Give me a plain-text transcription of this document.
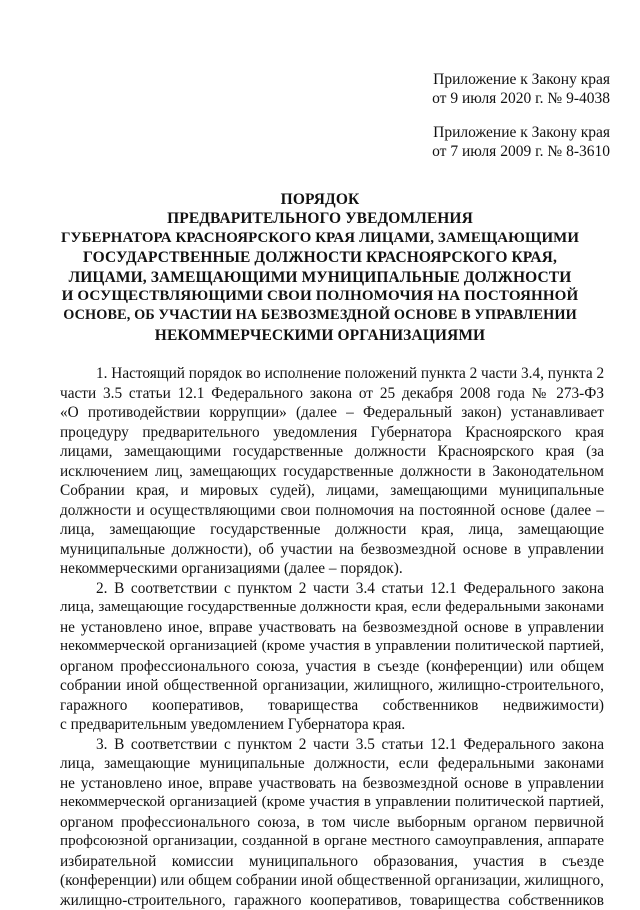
Приложение к Закону края
от 9 июля 2020 г. № 9-4038
Приложение к Закону края
от 7 июля 2009 г. № 8-3610
ПОРЯДОК
ПРЕДВАРИТЕЛЬНОГО УВЕДОМЛЕНИЯ
ГУБЕРНАТОРА КРАСНОЯРСКОГО КРАЯ ЛИЦАМИ, ЗАМЕЩАЮЩИМИ
ГОСУДАРСТВЕННЫЕ ДОЛЖНОСТИ КРАСНОЯРСКОГО КРАЯ,
ЛИЦАМИ, ЗАМЕЩАЮЩИМИ МУНИЦИПАЛЬНЫЕ ДОЛЖНОСТИ
И ОСУЩЕСТВЛЯЮЩИМИ СВОИ ПОЛНОМОЧИЯ НА ПОСТОЯННОЙ
ОСНОВЕ, ОБ УЧАСТИИ НА БЕЗВОЗМЕЗДНОЙ ОСНОВЕ В УПРАВЛЕНИИ
НЕКОММЕРЧЕСКИМИ ОРГАНИЗАЦИЯМИ
1. Настоящий порядок во исполнение положений пункта 2 части 3.4, пункта 2
части 3.5 статьи 12.1 Федерального закона от 25 декабря 2008 года № 273-ФЗ
«О противодействии коррупции» (далее – Федеральный закон) устанавливает
процедуру предварительного уведомления Губернатора Красноярского края
лицами, замещающими государственные должности Красноярского края (за
исключением лиц, замещающих государственные должности в Законодательном
Собрании края, и мировых судей), лицами, замещающими муниципальные
должности и осуществляющими свои полномочия на постоянной основе (далее –
лица, замещающие государственные должности края, лица, замещающие
муниципальные должности), об участии на безвозмездной основе в управлении
некоммерческими организациями (далее – порядок).
2. В соответствии с пунктом 2 части 3.4 статьи 12.1 Федерального закона
лица, замещающие государственные должности края, если федеральными законами
не установлено иное, вправе участвовать на безвозмездной основе в управлении
некоммерческой организацией (кроме участия в управлении политической партией,
органом профессионального союза, участия в съезде (конференции) или общем
собрании иной общественной организации, жилищного, жилищно-строительного,
гаражного кооперативов, товарищества собственников недвижимости)
с предварительным уведомлением Губернатора края.
3. В соответствии с пунктом 2 части 3.5 статьи 12.1 Федерального закона
лица, замещающие муниципальные должности, если федеральными законами
не установлено иное, вправе участвовать на безвозмездной основе в управлении
некоммерческой организацией (кроме участия в управлении политической партией,
органом профессионального союза, в том числе выборным органом первичной
профсоюзной организации, созданной в органе местного самоуправления, аппарате
избирательной комиссии муниципального образования, участия в съезде
(конференции) или общем собрании иной общественной организации, жилищного,
жилищно-строительного, гаражного кооперативов, товарищества собственников
